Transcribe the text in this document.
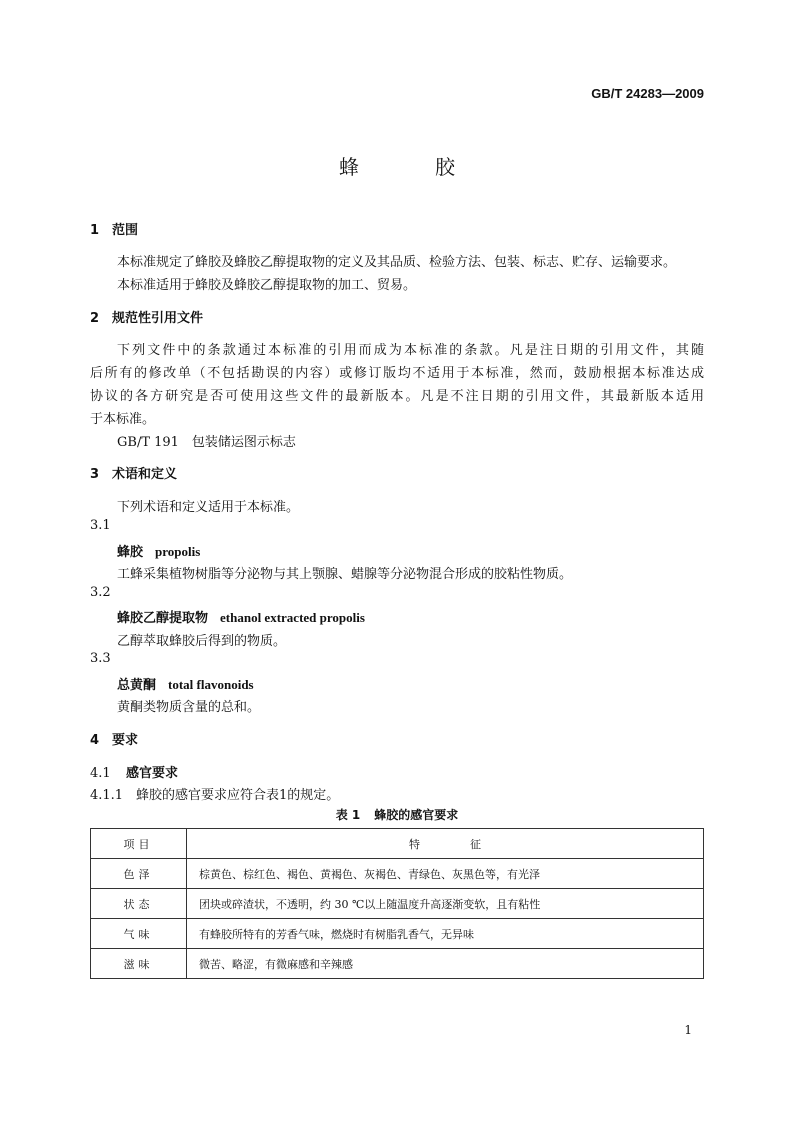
GB/T 24283—2009
蜂胶
1 范围
本标准规定了蜂胶及蜂胶乙醇提取物的定义及其品质、检验方法、包装、标志、贮存、运输要求。
本标准适用于蜂胶及蜂胶乙醇提取物的加工、贸易。
2 规范性引用文件
下列文件中的条款通过本标准的引用而成为本标准的条款。凡是注日期的引用文件，其随
后所有的修改单（不包括勘误的内容）或修订版均不适用于本标准，然而，鼓励根据本标准达成
协议的各方研究是否可使用这些文件的最新版本。凡是不注日期的引用文件，其最新版本适用
于本标准。
GB/T 191　包装储运图示标志
3 术语和定义
下列术语和定义适用于本标准。
3.1
蜂胶 propolis
工蜂采集植物树脂等分泌物与其上颚腺、蜡腺等分泌物混合形成的胶粘性物质。
3.2
蜂胶乙醇提取物 ethanol extracted propolis
乙醇萃取蜂胶后得到的物质。
3.3
总黄酮 total flavonoids
黄酮类物质含量的总和。
4 要求
4.1 感官要求
4.1.1 蜂胶的感官要求应符合表1的规定。
表 1 蜂胶的感官要求
项目	特征
色泽	棕黄色、棕红色、褐色、黄褐色、灰褐色、青绿色、灰黑色等，有光泽
状态	团块或碎渣状，不透明，约 30 ℃以上随温度升高逐渐变软，且有粘性
气味	有蜂胶所特有的芳香气味，燃烧时有树脂乳香气，无异味
滋味	微苦、略涩，有微麻感和辛辣感
1
